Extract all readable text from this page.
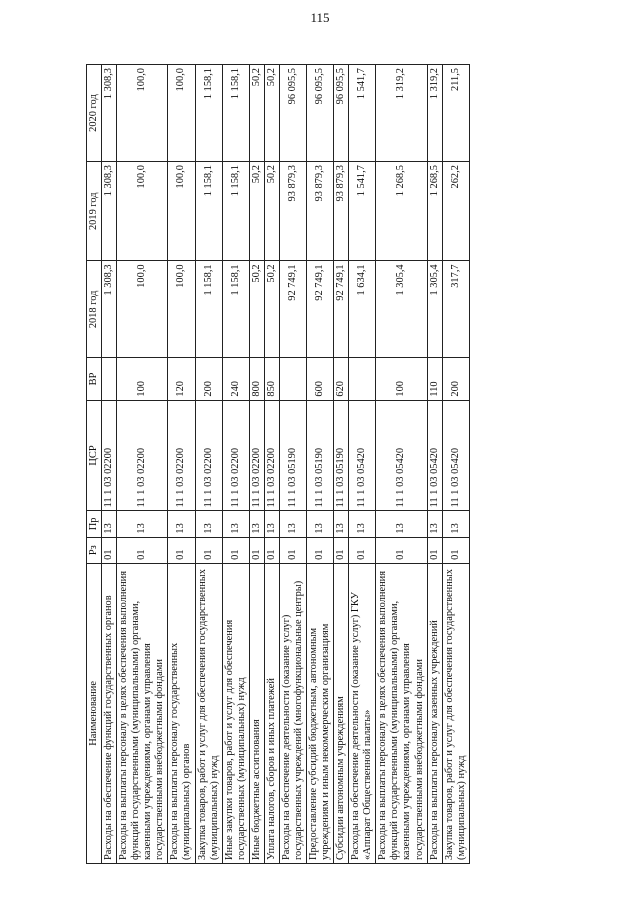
115
Наименование	Рз	Пр	ЦСР	ВР	2018 год	2019 год	2020 год
Расходы на обеспечение функций государственных органов	01	13	11 1 03 02200		1 308,3	1 308,3	1 308,3
Расходы на выплаты персоналу в целях обеспечения выполнения функций государственными (муниципальными) органами, казенными учреждениями, органами управления государственными внебюджетными фондами	01	13	11 1 03 02200	100	100,0	100,0	100,0
Расходы на выплаты персоналу государственных (муниципальных) органов	01	13	11 1 03 02200	120	100,0	100,0	100,0
Закупка товаров, работ и услуг для обеспечения государственных (муниципальных) нужд	01	13	11 1 03 02200	200	1 158,1	1 158,1	1 158,1
Иные закупки товаров, работ и услуг для обеспечения государственных (муниципальных) нужд	01	13	11 1 03 02200	240	1 158,1	1 158,1	1 158,1
Иные бюджетные ассигнования	01	13	11 1 03 02200	800	50,2	50,2	50,2
Уплата налогов, сборов и иных платежей	01	13	11 1 03 02200	850	50,2	50,2	50,2
Расходы на обеспечение деятельности (оказание услуг) государственных учреждений (многофункциональные центры)	01	13	11 1 03 05190		92 749,1	93 879,3	96 095,5
Предоставление субсидий бюджетным, автономным учреждениям и иным некоммерческим организациям	01	13	11 1 03 05190	600	92 749,1	93 879,3	96 095,5
Субсидии автономным учреждениям	01	13	11 1 03 05190	620	92 749,1	93 879,3	96 095,5
Расходы на обеспечение деятельности (оказание услуг) ГКУ «Аппарат Общественной палаты»	01	13	11 1 03 05420		1 634,1	1 541,7	1 541,7
Расходы на выплаты персоналу в целях обеспечения выполнения функций государственными (муниципальными) органами, казенными учреждениями, органами управления государственными внебюджетными фондами	01	13	11 1 03 05420	100	1 305,4	1 268,5	1 319,2
Расходы на выплаты персоналу казенных учреждений	01	13	11 1 03 05420	110	1 305,4	1 268,5	1 319,2
Закупка товаров, работ и услуг для обеспечения государственных (муниципальных) нужд	01	13	11 1 03 05420	200	317,7	262,2	211,5
